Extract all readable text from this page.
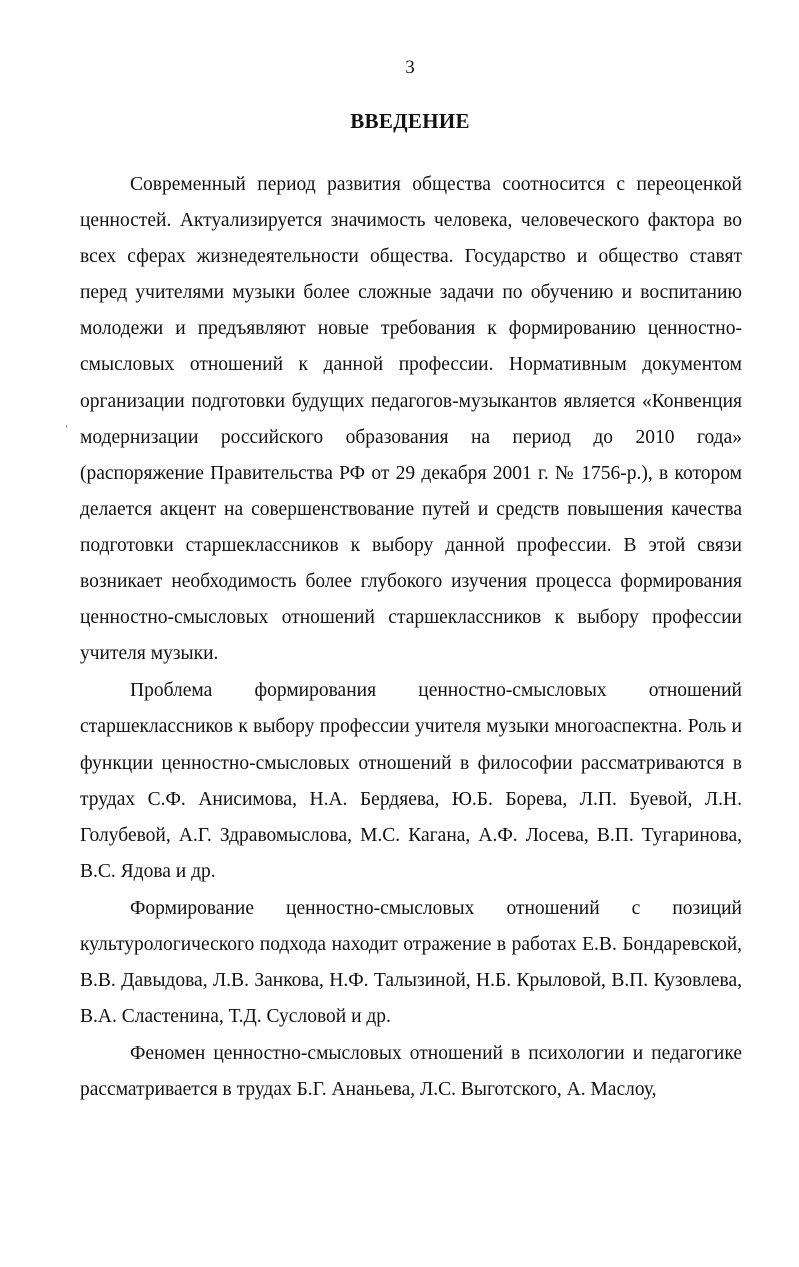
3
ВВЕДЕНИЕ

Современный период развития общества соотносится с переоценкой ценностей. Актуализируется значимость человека, человеческого фактора во всех сферах жизнедеятельности общества. Государство и общество ставят перед учителями музыки более сложные задачи по обучению и воспитанию молодежи и предъявляют новые требования к формированию ценностно-смысловых отношений к данной профессии. Нормативным документом организации подготовки будущих педагогов-музыкантов является «Конвенция модернизации российского образования на период до 2010 года» (распоряжение Правительства РФ от 29 декабря 2001 г. № 1756-р.), в котором делается акцент на совершенствование путей и средств повышения качества подготовки старшеклассников к выбору данной профессии. В этой связи возникает необходимость более глубокого изучения процесса формирования ценностно-смысловых отношений старшеклассников к выбору профессии учителя музыки.

Проблема формирования ценностно-смысловых отношений старшеклассников к выбору профессии учителя музыки многоаспектна. Роль и функции ценностно-смысловых отношений в философии рассматриваются в трудах С.Ф. Анисимова, Н.А. Бердяева, Ю.Б. Борева, Л.П. Буевой, Л.Н. Голубевой, А.Г. Здравомыслова, М.С. Кагана, А.Ф. Лосева, В.П. Тугаринова, В.С. Ядова и др.

Формирование ценностно-смысловых отношений с позиций культурологического подхода находит отражение в работах Е.В. Бондаревской, В.В. Давыдова, Л.В. Занкова, Н.Ф. Талызиной, Н.Б. Крыловой, В.П. Кузовлева, В.А. Сластенина, Т.Д. Сусловой и др.

Феномен ценностно-смысловых отношений в психологии и педагогике рассматривается в трудах Б.Г. Ананьева, Л.С. Выготского, А. Маслоу,
